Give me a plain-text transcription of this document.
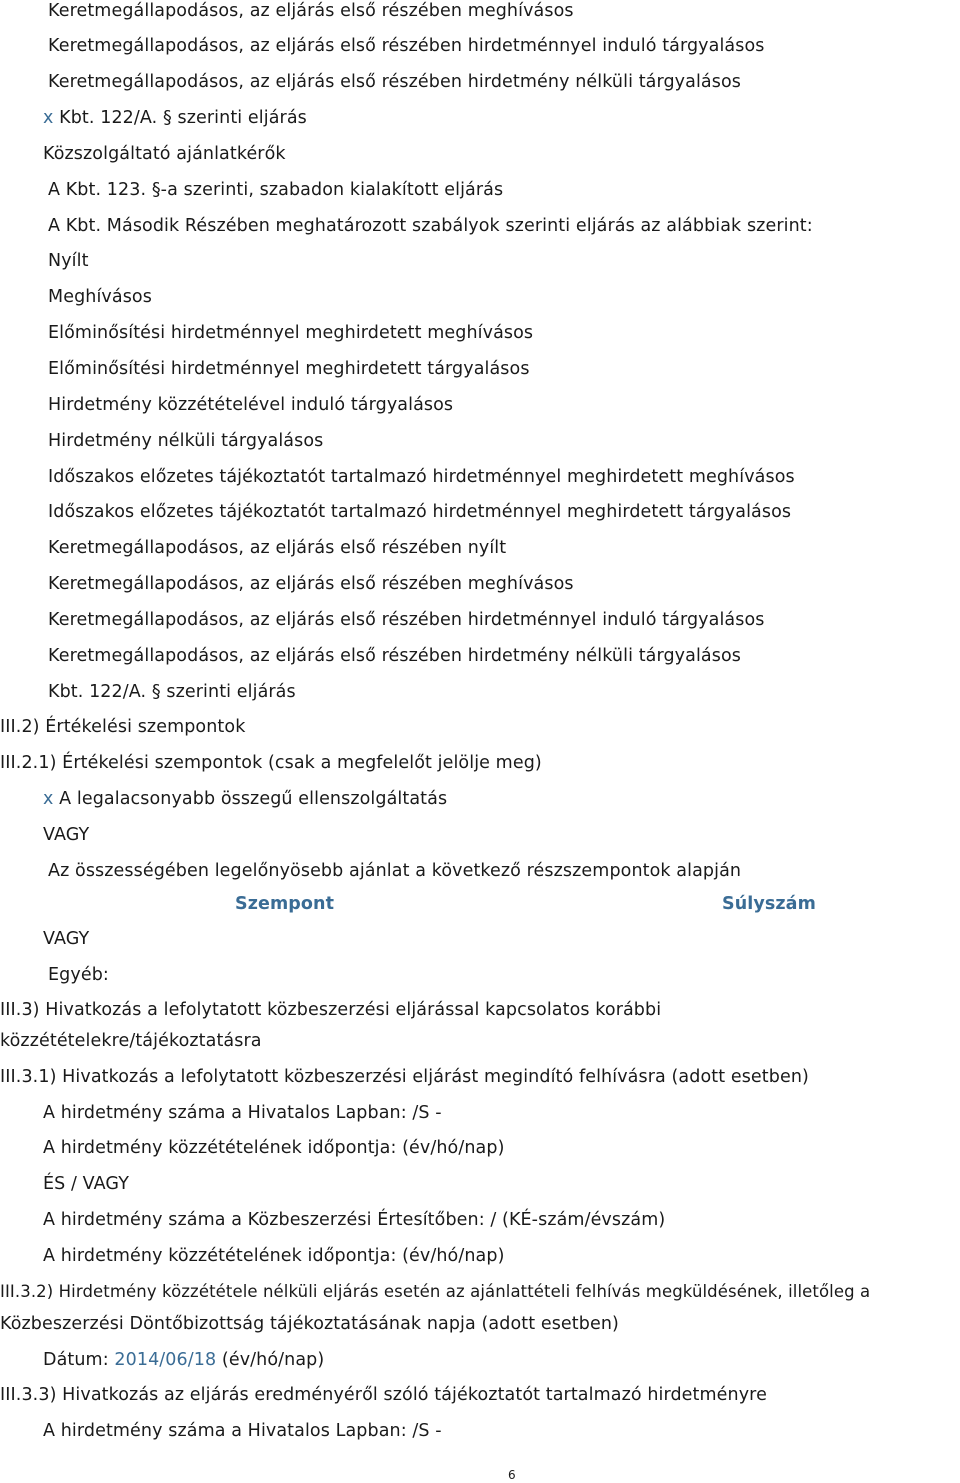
Keretmegállapodásos, az eljárás első részében meghívásos
Keretmegállapodásos, az eljárás első részében hirdetménnyel induló tárgyalásos
Keretmegállapodásos, az eljárás első részében hirdetmény nélküli tárgyalásos
x Kbt. 122/A. § szerinti eljárás
Közszolgáltató ajánlatkérők
A Kbt. 123. §-a szerinti, szabadon kialakított eljárás
A Kbt. Második Részében meghatározott szabályok szerinti eljárás az alábbiak szerint:
Nyílt
Meghívásos
Előminősítési hirdetménnyel meghirdetett meghívásos
Előminősítési hirdetménnyel meghirdetett tárgyalásos
Hirdetmény közzétételével induló tárgyalásos
Hirdetmény nélküli tárgyalásos
Időszakos előzetes tájékoztatót tartalmazó hirdetménnyel meghirdetett meghívásos
Időszakos előzetes tájékoztatót tartalmazó hirdetménnyel meghirdetett tárgyalásos
Keretmegállapodásos, az eljárás első részében nyílt
Keretmegállapodásos, az eljárás első részében meghívásos
Keretmegállapodásos, az eljárás első részében hirdetménnyel induló tárgyalásos
Keretmegállapodásos, az eljárás első részében hirdetmény nélküli tárgyalásos
Kbt. 122/A. § szerinti eljárás
III.2) Értékelési szempontok
III.2.1) Értékelési szempontok (csak a megfelelőt jelölje meg)
x A legalacsonyabb összegű ellenszolgáltatás
VAGY
Az összességében legelőnyösebb ajánlat a következő részszempontok alapján
Szempont	Súlyszám
VAGY
Egyéb:
III.3) Hivatkozás a lefolytatott közbeszerzési eljárással kapcsolatos korábbi
közzétételekre/tájékoztatásra
III.3.1) Hivatkozás a lefolytatott közbeszerzési eljárást megindító felhívásra (adott esetben)
A hirdetmény száma a Hivatalos Lapban: /S -
A hirdetmény közzétételének időpontja: (év/hó/nap)
ÉS / VAGY
A hirdetmény száma a Közbeszerzési Értesítőben: / (KÉ-szám/évszám)
A hirdetmény közzétételének időpontja: (év/hó/nap)
III.3.2) Hirdetmény közzététele nélküli eljárás esetén az ajánlattételi felhívás megküldésének, illetőleg a
Közbeszerzési Döntőbizottság tájékoztatásának napja (adott esetben)
Dátum: 2014/06/18 (év/hó/nap)
III.3.3) Hivatkozás az eljárás eredményéről szóló tájékoztatót tartalmazó hirdetményre
A hirdetmény száma a Hivatalos Lapban: /S -
6
